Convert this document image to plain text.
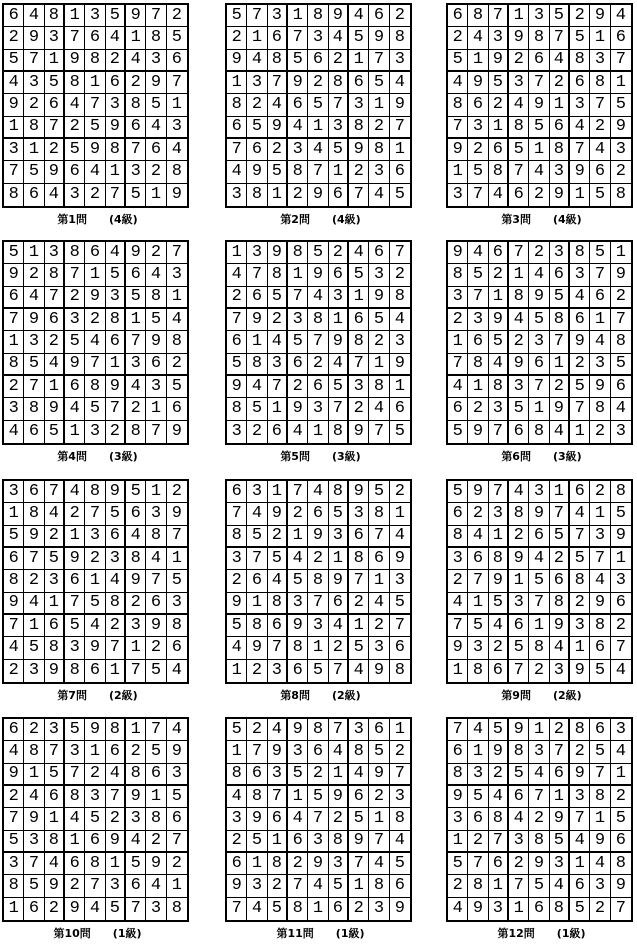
6 4 8 1 3 5 9 7 2
2 9 3 7 6 4 1 8 5
5 7 1 9 8 2 4 3 6
4 3 5 8 1 6 2 9 7
9 2 6 4 7 3 8 5 1
1 8 7 2 5 9 6 4 3
3 1 2 5 9 8 7 6 4
7 5 9 6 4 1 3 2 8
8 6 4 3 2 7 5 1 9
第1問　　(4級)
5 7 3 1 8 9 4 6 2
2 1 6 7 3 4 5 9 8
9 4 8 5 6 2 1 7 3
1 3 7 9 2 8 6 5 4
8 2 4 6 5 7 3 1 9
6 5 9 4 1 3 8 2 7
7 6 2 3 4 5 9 8 1
4 9 5 8 7 1 2 3 6
3 8 1 2 9 6 7 4 5
第2問　　(4級)
6 8 7 1 3 5 2 9 4
2 4 3 9 8 7 5 1 6
5 1 9 2 6 4 8 3 7
4 9 5 3 7 2 6 8 1
8 6 2 4 9 1 3 7 5
7 3 1 8 5 6 4 2 9
9 2 6 5 1 8 7 4 3
1 5 8 7 4 3 9 6 2
3 7 4 6 2 9 1 5 8
第3問　　(4級)
5 1 3 8 6 4 9 2 7
9 2 8 7 1 5 6 4 3
6 4 7 2 9 3 5 8 1
7 9 6 3 2 8 1 5 4
1 3 2 5 4 6 7 9 8
8 5 4 9 7 1 3 6 2
2 7 1 6 8 9 4 3 5
3 8 9 4 5 7 2 1 6
4 6 5 1 3 2 8 7 9
第4問　　(3級)
1 3 9 8 5 2 4 6 7
4 7 8 1 9 6 5 3 2
2 6 5 7 4 3 1 9 8
7 9 2 3 8 1 6 5 4
6 1 4 5 7 9 8 2 3
5 8 3 6 2 4 7 1 9
9 4 7 2 6 5 3 8 1
8 5 1 9 3 7 2 4 6
3 2 6 4 1 8 9 7 5
第5問　　(3級)
9 4 6 7 2 3 8 5 1
8 5 2 1 4 6 3 7 9
3 7 1 8 9 5 4 6 2
2 3 9 4 5 8 6 1 7
1 6 5 2 3 7 9 4 8
7 8 4 9 6 1 2 3 5
4 1 8 3 7 2 5 9 6
6 2 3 5 1 9 7 8 4
5 9 7 6 8 4 1 2 3
第6問　　(3級)
3 6 7 4 8 9 5 1 2
1 8 4 2 7 5 6 3 9
5 9 2 1 3 6 4 8 7
6 7 5 9 2 3 8 4 1
8 2 3 6 1 4 9 7 5
9 4 1 7 5 8 2 6 3
7 1 6 5 4 2 3 9 8
4 5 8 3 9 7 1 2 6
2 3 9 8 6 1 7 5 4
第7問　　(2級)
6 3 1 7 4 8 9 5 2
7 4 9 2 6 5 3 8 1
8 5 2 1 9 3 6 7 4
3 7 5 4 2 1 8 6 9
2 6 4 5 8 9 7 1 3
9 1 8 3 7 6 2 4 5
5 8 6 9 3 4 1 2 7
4 9 7 8 1 2 5 3 6
1 2 3 6 5 7 4 9 8
第8問　　(2級)
5 9 7 4 3 1 6 2 8
6 2 3 8 9 7 4 1 5
8 4 1 2 6 5 7 3 9
3 6 8 9 4 2 5 7 1
2 7 9 1 5 6 8 4 3
4 1 5 3 7 8 2 9 6
7 5 4 6 1 9 3 8 2
9 3 2 5 8 4 1 6 7
1 8 6 7 2 3 9 5 4
第9問　　(2級)
6 2 3 5 9 8 1 7 4
4 8 7 3 1 6 2 5 9
9 1 5 7 2 4 8 6 3
2 4 6 8 3 7 9 1 5
7 9 1 4 5 2 3 8 6
5 3 8 1 6 9 4 2 7
3 7 4 6 8 1 5 9 2
8 5 9 2 7 3 6 4 1
1 6 2 9 4 5 7 3 8
第10問　　(1級)
5 2 4 9 8 7 3 6 1
1 7 9 3 6 4 8 5 2
8 6 3 5 2 1 4 9 7
4 8 7 1 5 9 6 2 3
3 9 6 4 7 2 5 1 8
2 5 1 6 3 8 9 7 4
6 1 8 2 9 3 7 4 5
9 3 2 7 4 5 1 8 6
7 4 5 8 1 6 2 3 9
第11問　　(1級)
7 4 5 9 1 2 8 6 3
6 1 9 8 3 7 2 5 4
8 3 2 5 4 6 9 7 1
9 5 4 6 7 1 3 8 2
3 6 8 4 2 9 7 1 5
1 2 7 3 8 5 4 9 6
5 7 6 2 9 3 1 4 8
2 8 1 7 5 4 6 3 9
4 9 3 1 6 8 5 2 7
第12問　　(1級)
